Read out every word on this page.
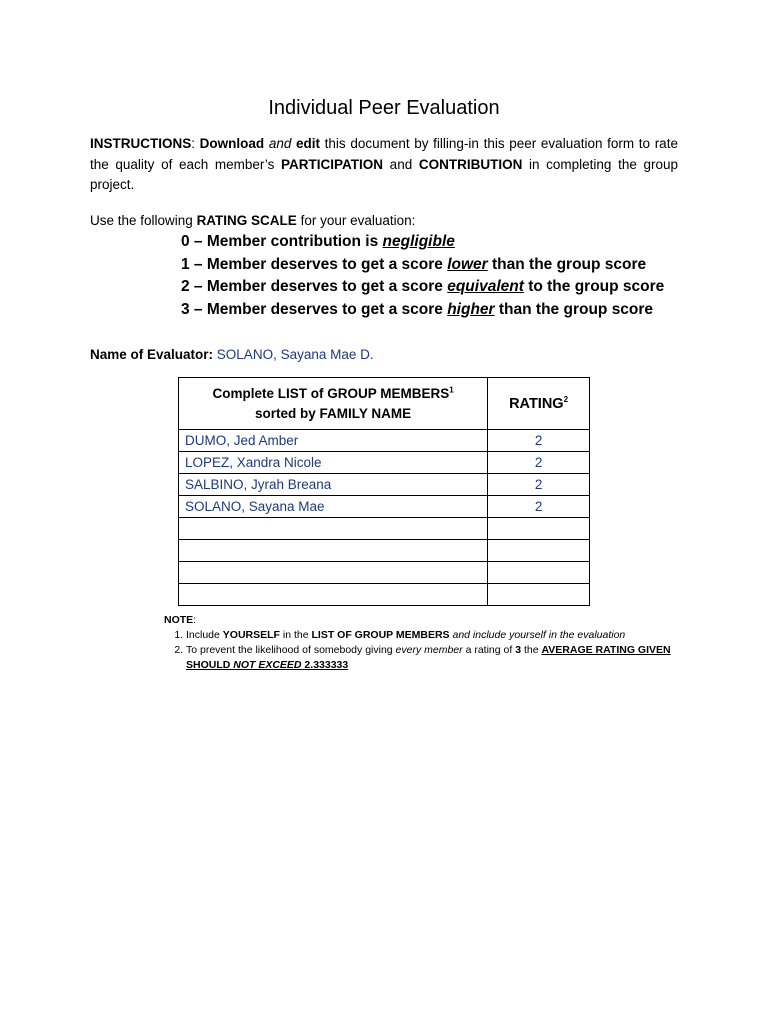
Individual Peer Evaluation
INSTRUCTIONS: Download and edit this document by filling-in this peer evaluation form to rate the quality of each member’s PARTICIPATION and CONTRIBUTION in completing the group project.
Use the following RATING SCALE for your evaluation:
0 – Member contribution is negligible
1 – Member deserves to get a score lower than the group score
2 – Member deserves to get a score equivalent to the group score
3 – Member deserves to get a score higher than the group score
Name of Evaluator: SOLANO, Sayana Mae D.
Complete LIST of GROUP MEMBERS$^1$
sorted by FAMILY NAME	RATING$^2$
DUMO, Jed Amber	2
LOPEZ, Xandra Nicole	2
SALBINO, Jyrah Breana	2
SOLANO, Sayana Mae	2

NOTE:
1. Include YOURSELF in the LIST OF GROUP MEMBERS and include yourself in the evaluation
2. To prevent the likelihood of somebody giving every member a rating of 3 the AVERAGE RATING GIVEN SHOULD NOT EXCEED 2.333333
